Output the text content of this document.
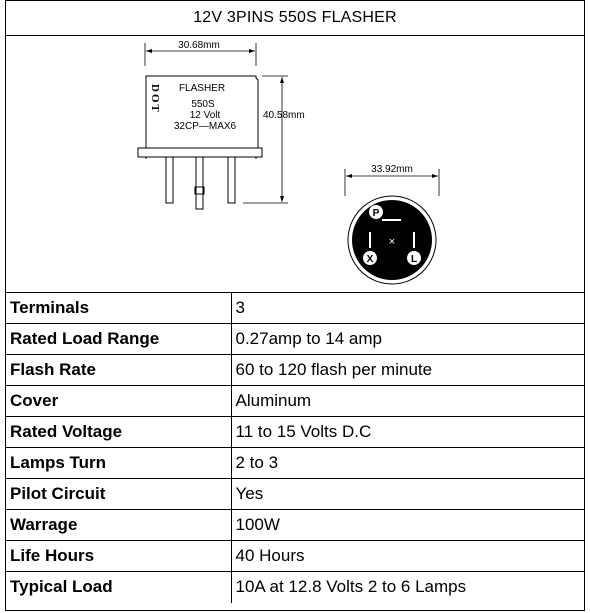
12V 3PINS 550S FLASHER
30.68mm
DOT FLASHER
550S
12 Volt
32CP—MAX6
40.58mm
33.92mm
×
P
X	L
Terminals	3
Rated Load Range	0.27amp to 14 amp
Flash Rate	60 to 120 flash per minute
Cover	Aluminum
Rated Voltage	11 to 15 Volts D.C
Lamps Turn	2 to 3
Pilot Circuit	Yes
Warrage	100W
Life Hours	40 Hours
Typical Load	10A at 12.8 Volts 2 to 6 Lamps
